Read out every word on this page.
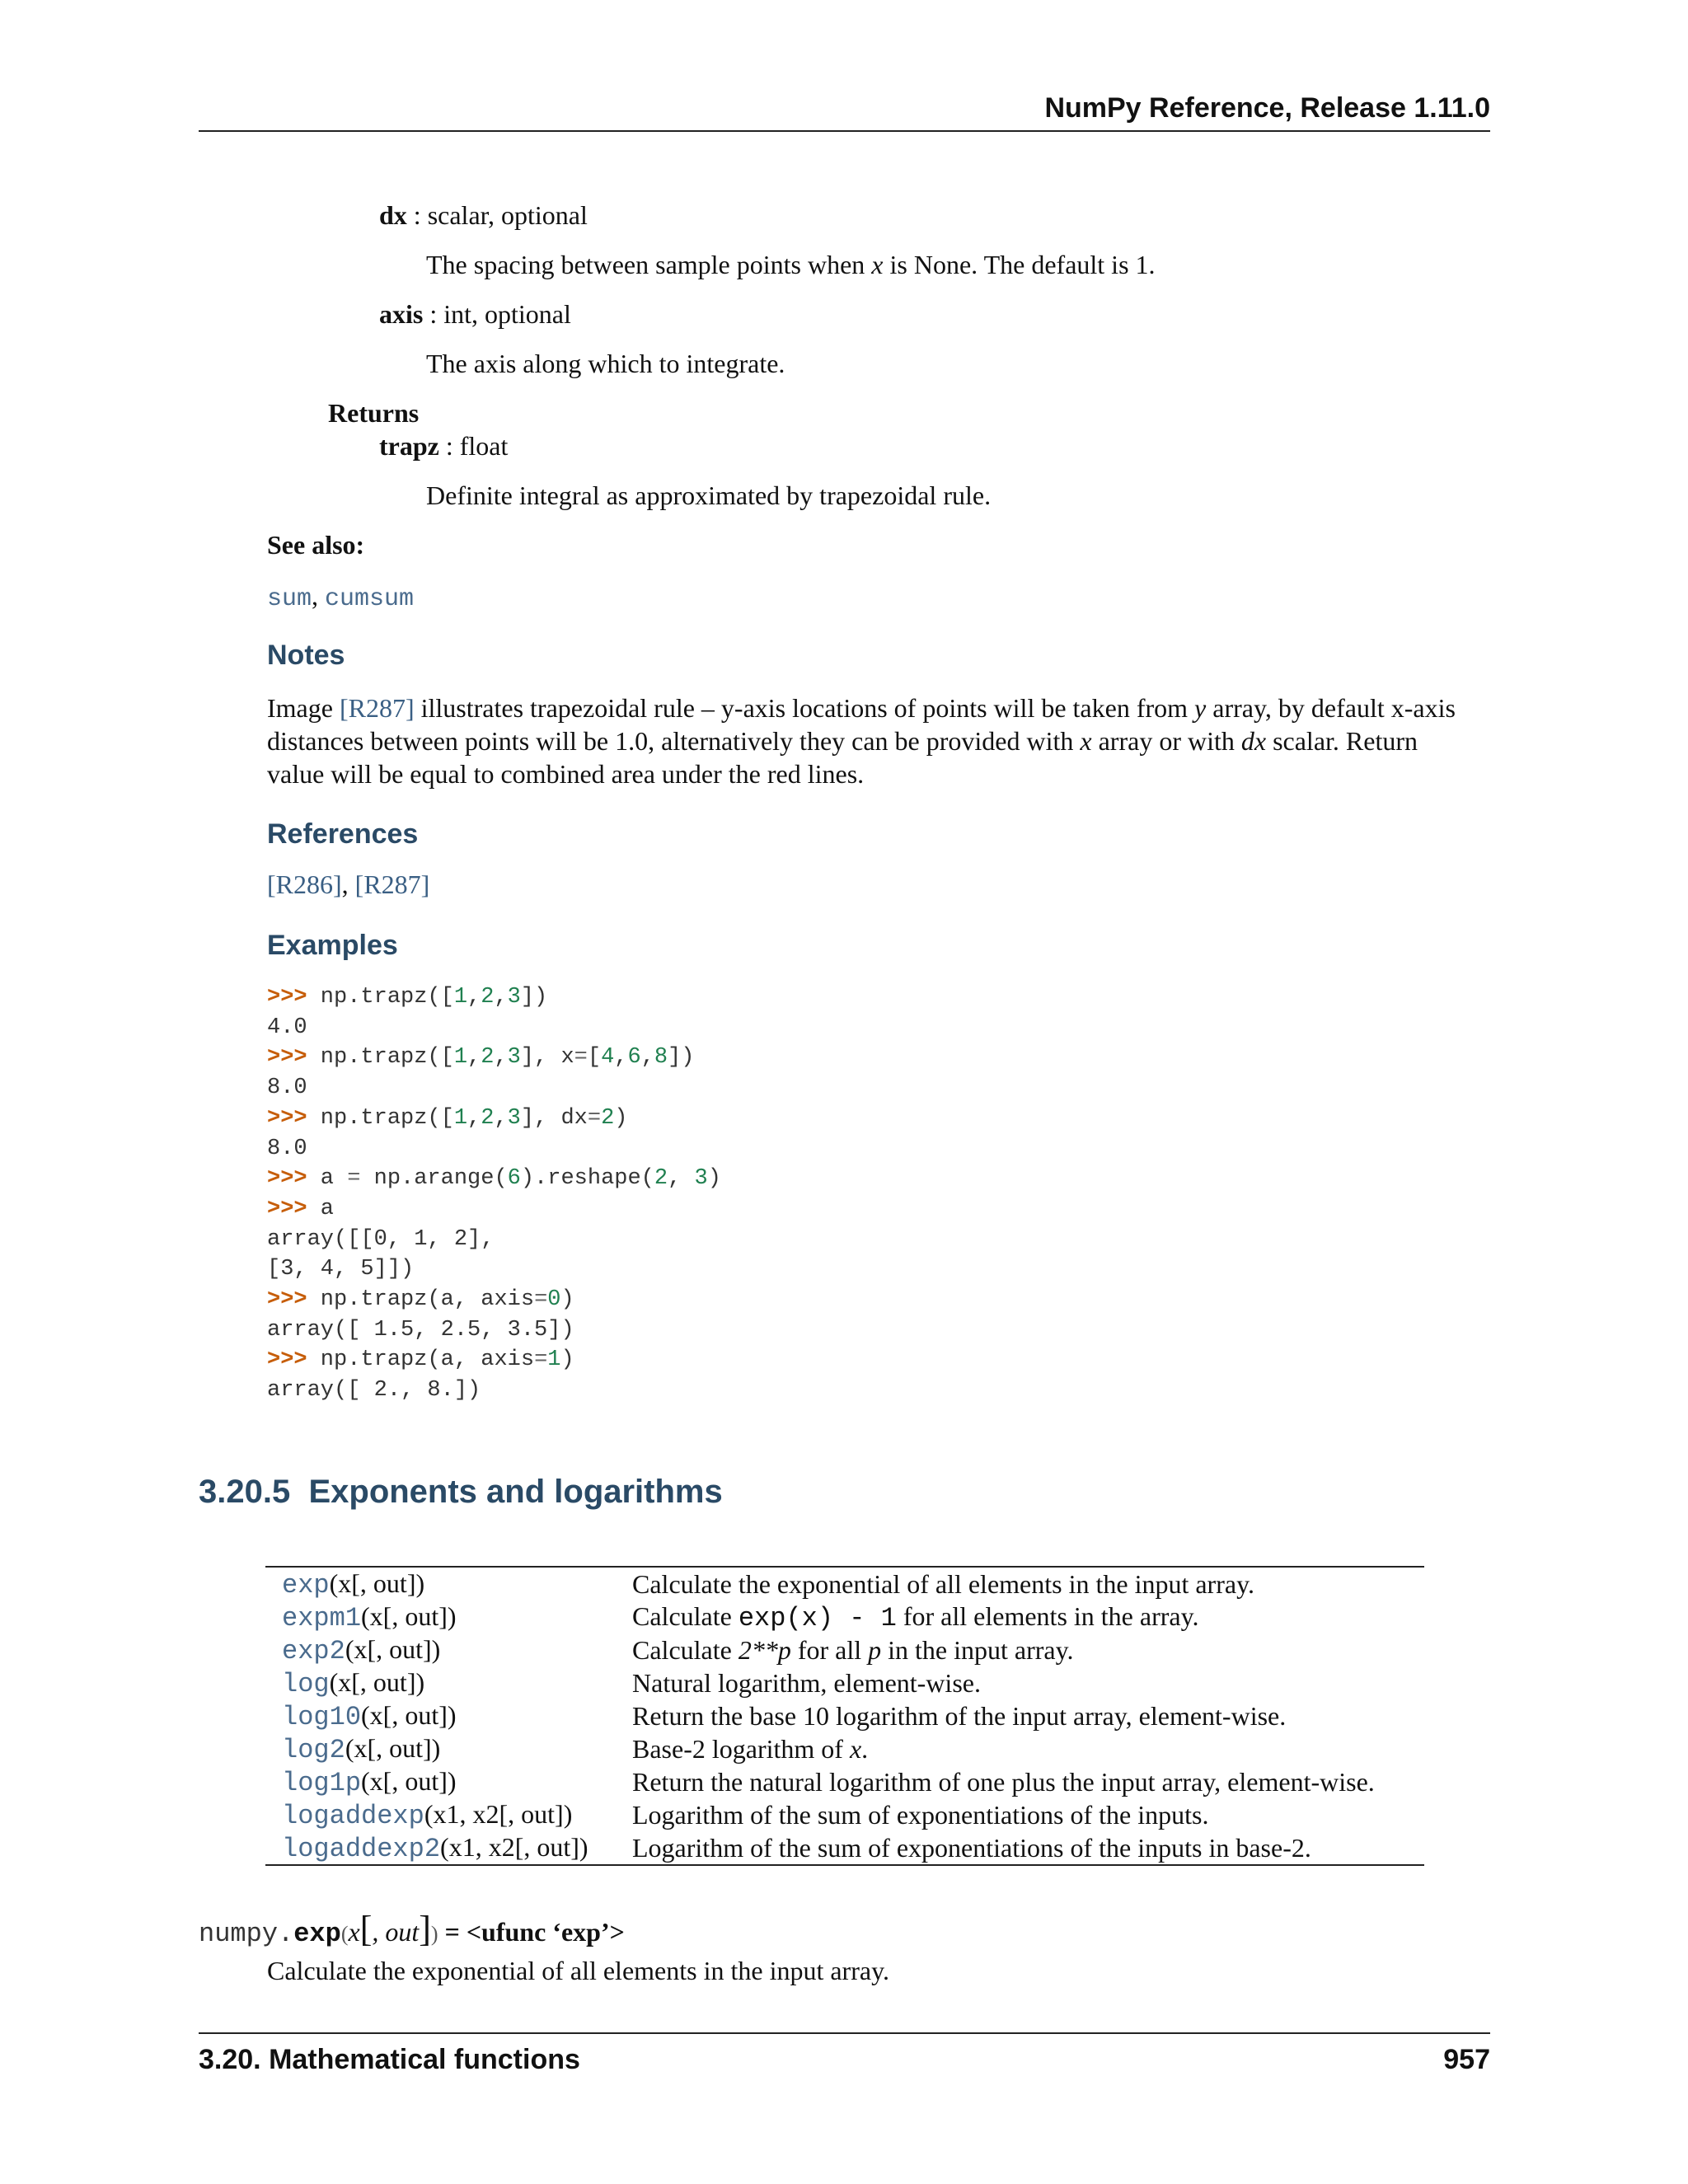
NumPy Reference, Release 1.11.0
dx : scalar, optional
The spacing between sample points when x is None. The default is 1.
axis : int, optional
The axis along which to integrate.
Returns
trapz : float
Definite integral as approximated by trapezoidal rule.
See also:
sum, cumsum
Notes
Image [R287] illustrates trapezoidal rule – y-axis locations of points will be taken from y array, by default x-axis
distances between points will be 1.0, alternatively they can be provided with x array or with dx scalar. Return
value will be equal to combined area under the red lines.
References
[R286], [R287]
Examples
>>> np.trapz([1,2,3])
4.0
>>> np.trapz([1,2,3], x=[4,6,8])
8.0
>>> np.trapz([1,2,3], dx=2)
8.0
>>> a = np.arange(6).reshape(2, 3)
>>> a
array([[0, 1, 2],
[3, 4, 5]])
>>> np.trapz(a, axis=0)
array([ 1.5, 2.5, 3.5])
>>> np.trapz(a, axis=1)
array([ 2., 8.])
3.20.5 Exponents and logarithms
exp(x[, out])	Calculate the exponential of all elements in the input array.
expm1(x[, out])	Calculate exp(x) - 1 for all elements in the array.
exp2(x[, out])	Calculate 2**p for all p in the input array.
log(x[, out])	Natural logarithm, element-wise.
log10(x[, out])	Return the base 10 logarithm of the input array, element-wise.
log2(x[, out])	Base-2 logarithm of x.
log1p(x[, out])	Return the natural logarithm of one plus the input array, element-wise.
logaddexp(x1, x2[, out])	Logarithm of the sum of exponentiations of the inputs.
logaddexp2(x1, x2[, out])	Logarithm of the sum of exponentiations of the inputs in base-2.
numpy.exp(x[, out]) = <ufunc ‘exp’>
Calculate the exponential of all elements in the input array.
3.20. Mathematical functions	957
